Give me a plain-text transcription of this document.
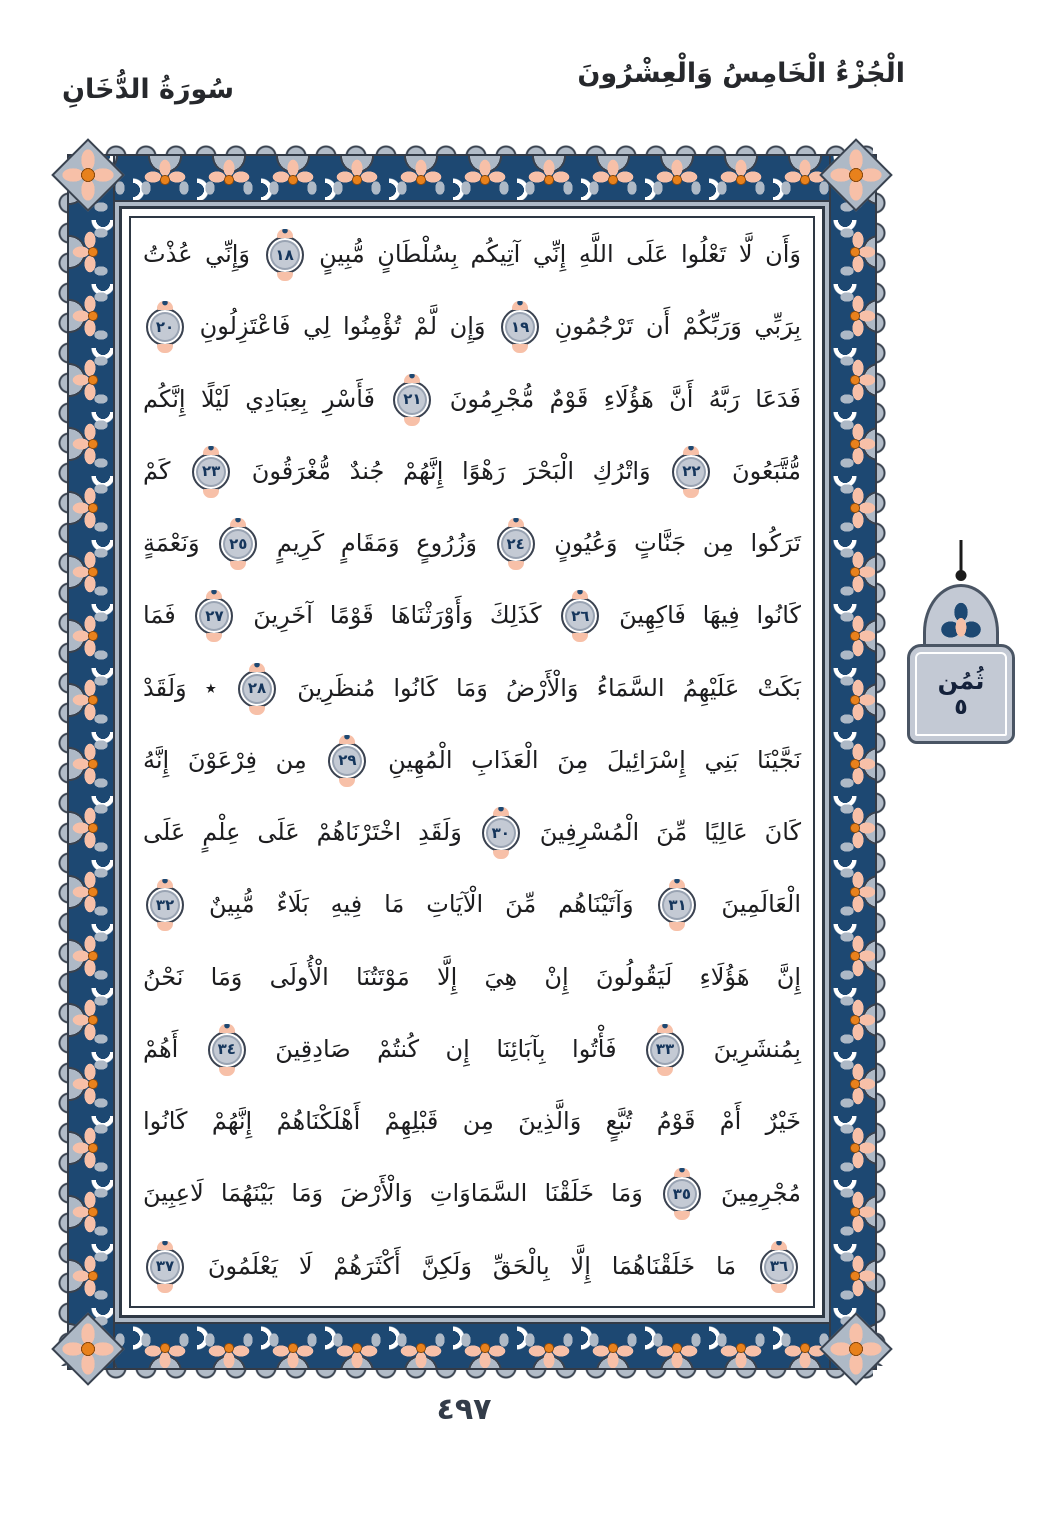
الْجُزْءُ الْخَامِسُ وَالْعِشْرُونَ
سُورَةُ الدُّخَانِ
وَأَن لَّا تَعْلُوا عَلَى اللَّهِ إِنِّي آتِيكُم بِسُلْطَانٍ مُّبِينٍ
١٨
وَإِنِّي عُذْتُ
بِرَبِّي وَرَبِّكُمْ أَن تَرْجُمُونِ
١٩
وَإِن لَّمْ تُؤْمِنُوا لِي فَاعْتَزِلُونِ
٢٠
فَدَعَا رَبَّهُ أَنَّ هَؤُلَاءِ قَوْمٌ مُّجْرِمُونَ
٢١
فَأَسْرِ بِعِبَادِي لَيْلًا إِنَّكُم
مُّتَّبَعُونَ
٢٢
وَاتْرُكِ الْبَحْرَ رَهْوًا إِنَّهُمْ جُندٌ مُّغْرَقُونَ
٢٣
كَمْ
تَرَكُوا مِن جَنَّاتٍ وَعُيُونٍ
٢٤
وَزُرُوعٍ وَمَقَامٍ كَرِيمٍ
٢٥
وَنَعْمَةٍ
كَانُوا فِيهَا فَاكِهِينَ
٢٦
كَذَلِكَ وَأَوْرَثْنَاهَا قَوْمًا آخَرِينَ
٢٧
فَمَا
بَكَتْ عَلَيْهِمُ السَّمَاءُ وَالْأَرْضُ وَمَا كَانُوا مُنظَرِينَ
٢٨
٭ وَلَقَدْ
نَجَّيْنَا بَنِي إِسْرَائِيلَ مِنَ الْعَذَابِ الْمُهِينِ
٢٩
مِن فِرْعَوْنَ إِنَّهُ
كَانَ عَالِيًا مِّنَ الْمُسْرِفِينَ
٣٠
وَلَقَدِ اخْتَرْنَاهُمْ عَلَى عِلْمٍ عَلَى
الْعَالَمِينَ
٣١
وَآتَيْنَاهُم مِّنَ الْآيَاتِ مَا فِيهِ بَلَاءٌ مُّبِينٌ
٣٢
إِنَّ هَؤُلَاءِ لَيَقُولُونَ إِنْ هِيَ إِلَّا مَوْتَتُنَا الْأُولَى وَمَا نَحْنُ
بِمُنشَرِينَ
٣٣
فَأْتُوا بِآبَائِنَا إِن كُنتُمْ صَادِقِينَ
٣٤
أَهُمْ
خَيْرٌ أَمْ قَوْمُ تُبَّعٍ وَالَّذِينَ مِن قَبْلِهِمْ أَهْلَكْنَاهُمْ إِنَّهُمْ كَانُوا
مُجْرِمِينَ
٣٥
وَمَا خَلَقْنَا السَّمَاوَاتِ وَالْأَرْضَ وَمَا بَيْنَهُمَا لَاعِبِينَ
٣٦
مَا خَلَقْنَاهُمَا إِلَّا بِالْحَقِّ وَلَكِنَّ أَكْثَرَهُمْ لَا يَعْلَمُونَ
٣٧
ثُمُن
٥
٤٩٧
